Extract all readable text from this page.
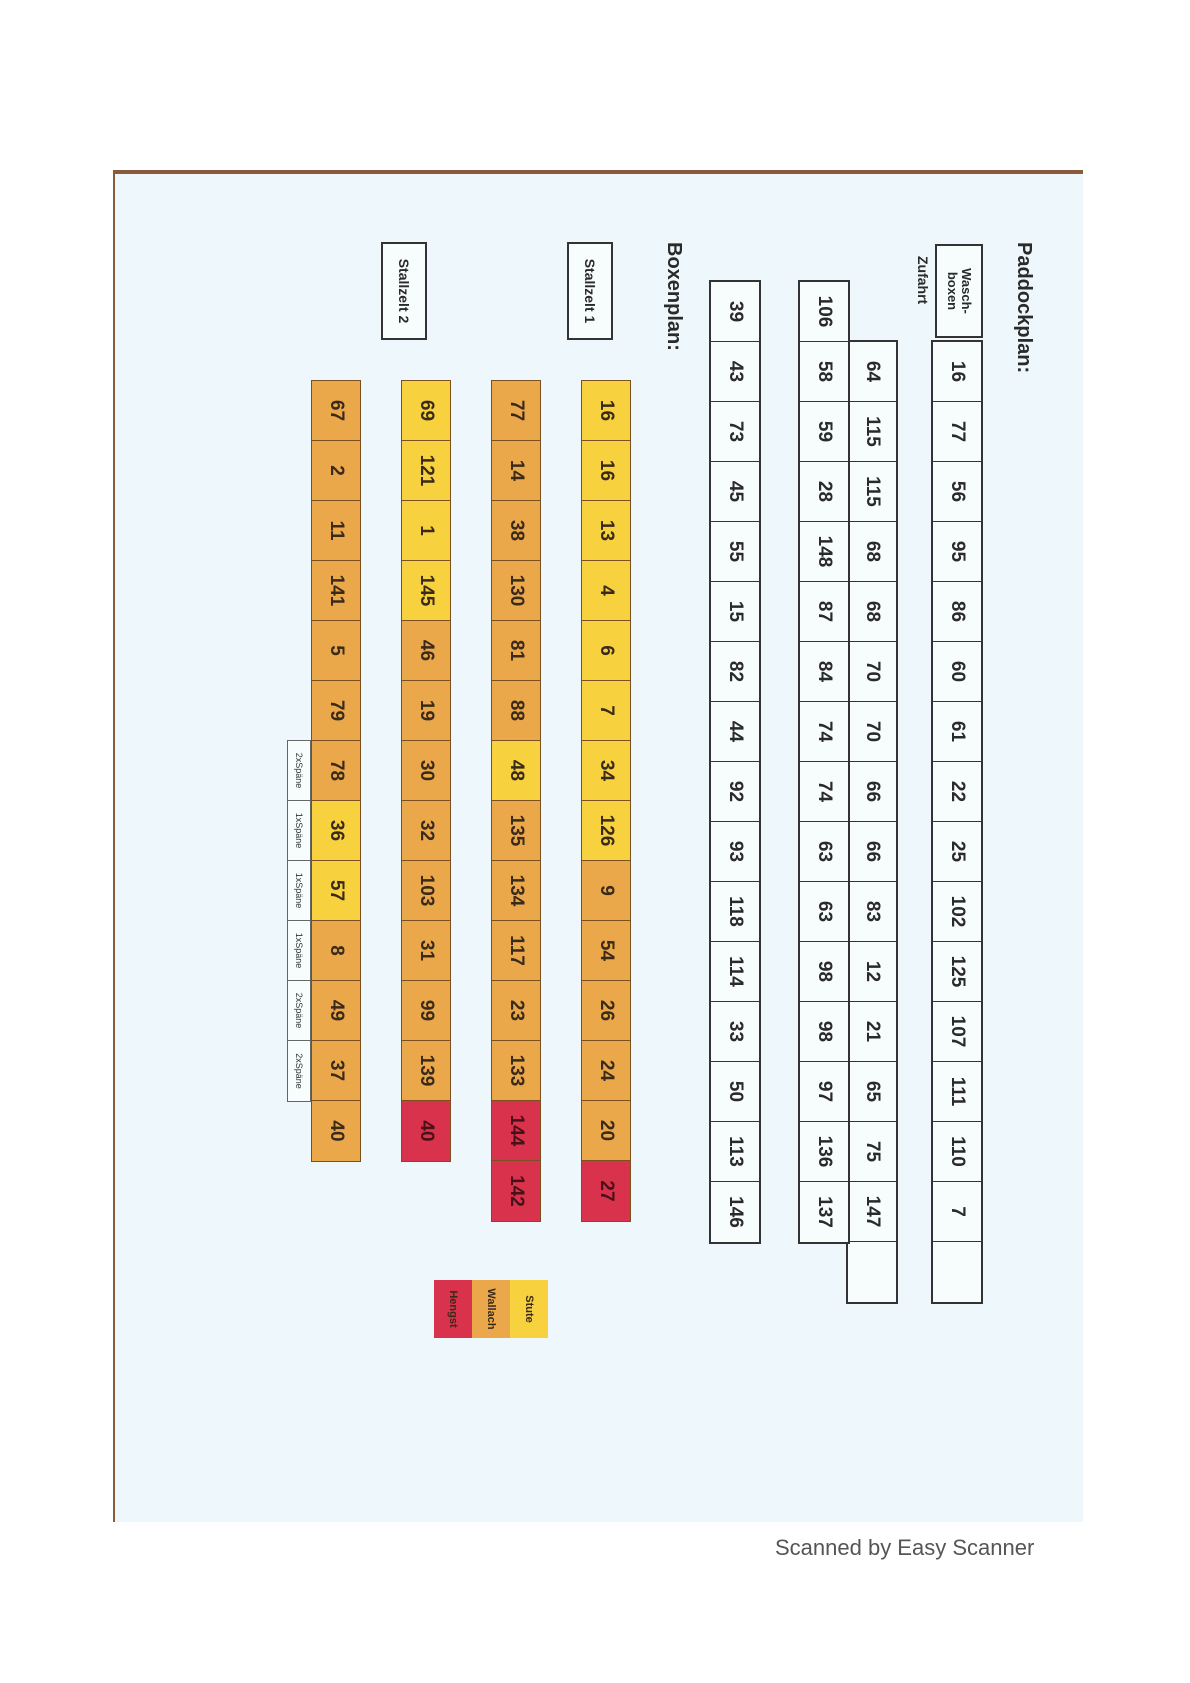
Paddockplan:
Wasch-
boxen
Zufahrt
16
77
56
95
86
60
61
22
25
102
125
107
111
110
7
64
115
115
68
68
70
70
66
66
83
12
21
65
75
147
106
58
59
28
148
87
84
74
74
63
63
98
98
97
136
137
39
43
73
45
55
15
82
44
92
93
118
114
33
50
113
146
Boxenplan:
16
16
13
4
6
7
34
126
9
54
26
24
20
27
Stallzelt 1
77
14
38
130
81
88
48
135
134
117
23
133
144
142
69
121
1
145
46
19
30
32
103
31
99
139
40
Stallzelt 2
67
2
11
141
5
79
78
36
57
8
49
37
40
2xSpäne
1xSpäne
1xSpäne
1xSpäne
2xSpäne
2xSpäne
Stute
Wallach
Hengst
Scanned by Easy Scanner
